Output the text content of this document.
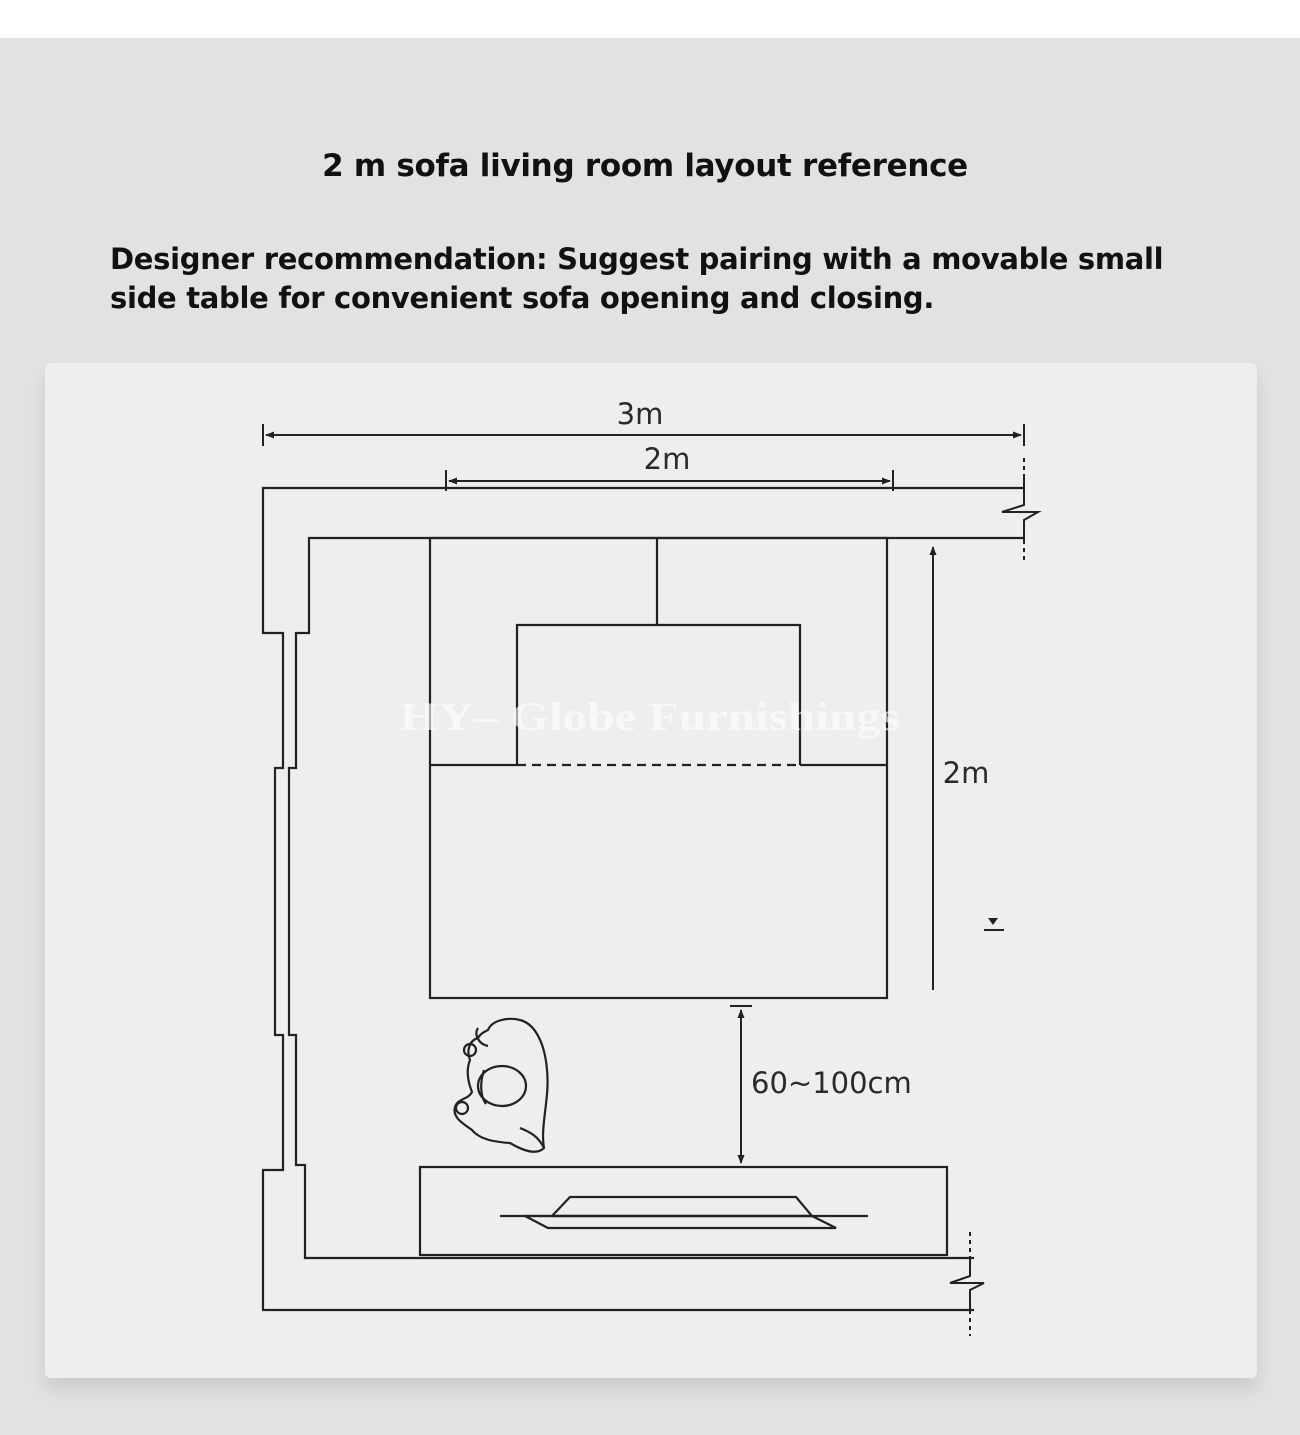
2 m sofa living room layout reference
Designer recommendation: Suggest pairing with a movable small side table for convenient sofa opening and closing.
3m
2m
2m
60~100cm
HY– Globe Furnishings
